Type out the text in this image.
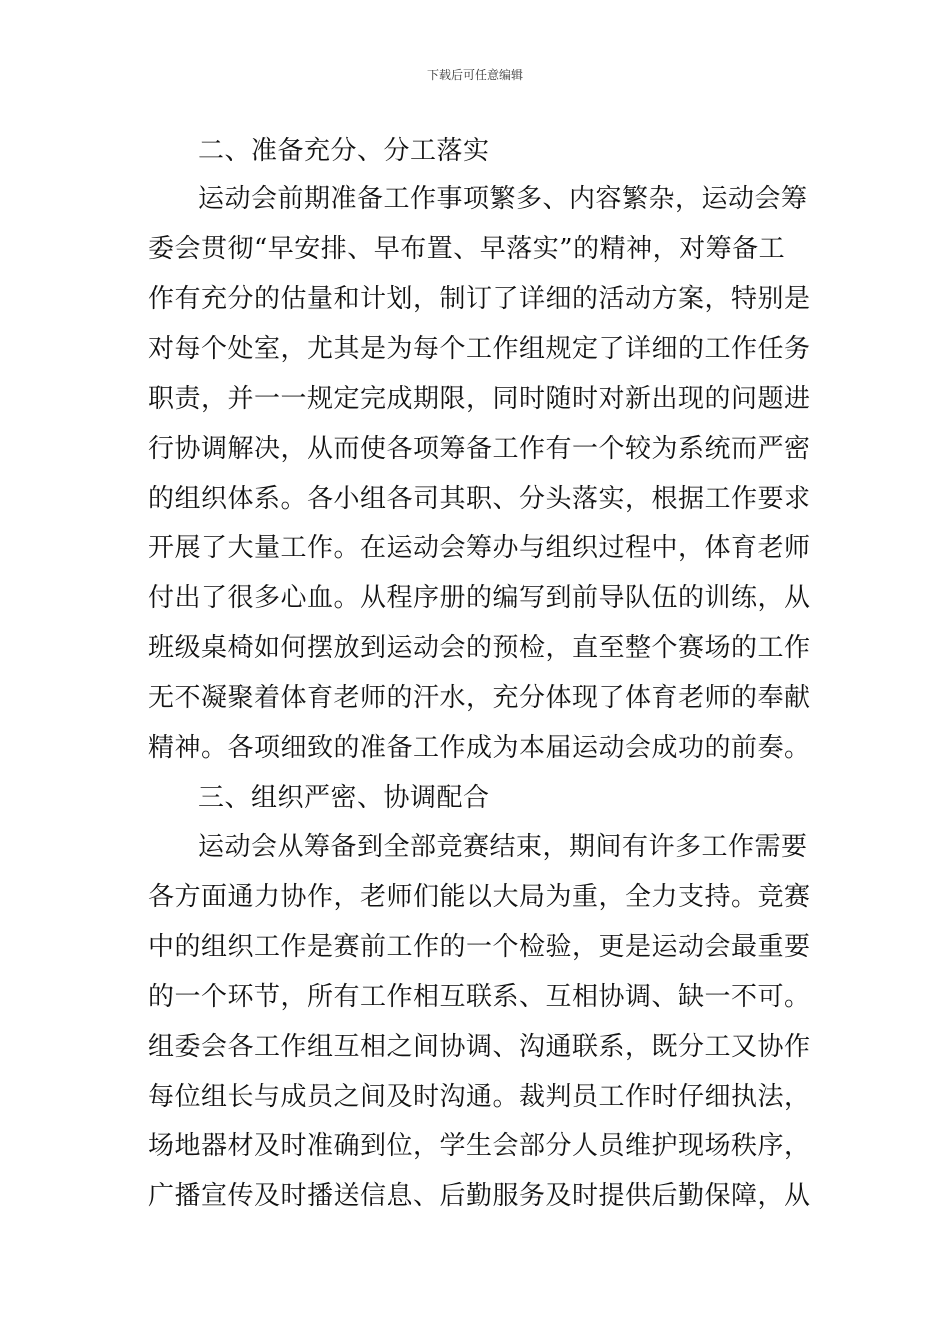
下载后可任意编辑
二、准备充分、分工落实
运动会前期准备工作事项繁多、内容繁杂，运动会筹
委会贯彻“早安排、早布置、早落实”的精神，对筹备工
作有充分的估量和计划，制订了详细的活动方案，特别是
对每个处室，尤其是为每个工作组规定了详细的工作任务
职责，并一一规定完成期限，同时随时对新出现的问题进
行协调解决，从而使各项筹备工作有一个较为系统而严密
的组织体系。各小组各司其职、分头落实，根据工作要求
开展了大量工作。在运动会筹办与组织过程中，体育老师
付出了很多心血。从程序册的编写到前导队伍的训练，从
班级桌椅如何摆放到运动会的预检，直至整个赛场的工作
无不凝聚着体育老师的汗水，充分体现了体育老师的奉献
精神。各项细致的准备工作成为本届运动会成功的前奏。
三、组织严密、协调配合
运动会从筹备到全部竞赛结束，期间有许多工作需要
各方面通力协作，老师们能以大局为重，全力支持。竞赛
中的组织工作是赛前工作的一个检验，更是运动会最重要
的一个环节，所有工作相互联系、互相协调、缺一不可。
组委会各工作组互相之间协调、沟通联系，既分工又协作
每位组长与成员之间及时沟通。裁判员工作时仔细执法，
场地器材及时准确到位，学生会部分人员维护现场秩序，
广播宣传及时播送信息、后勤服务及时提供后勤保障，从
